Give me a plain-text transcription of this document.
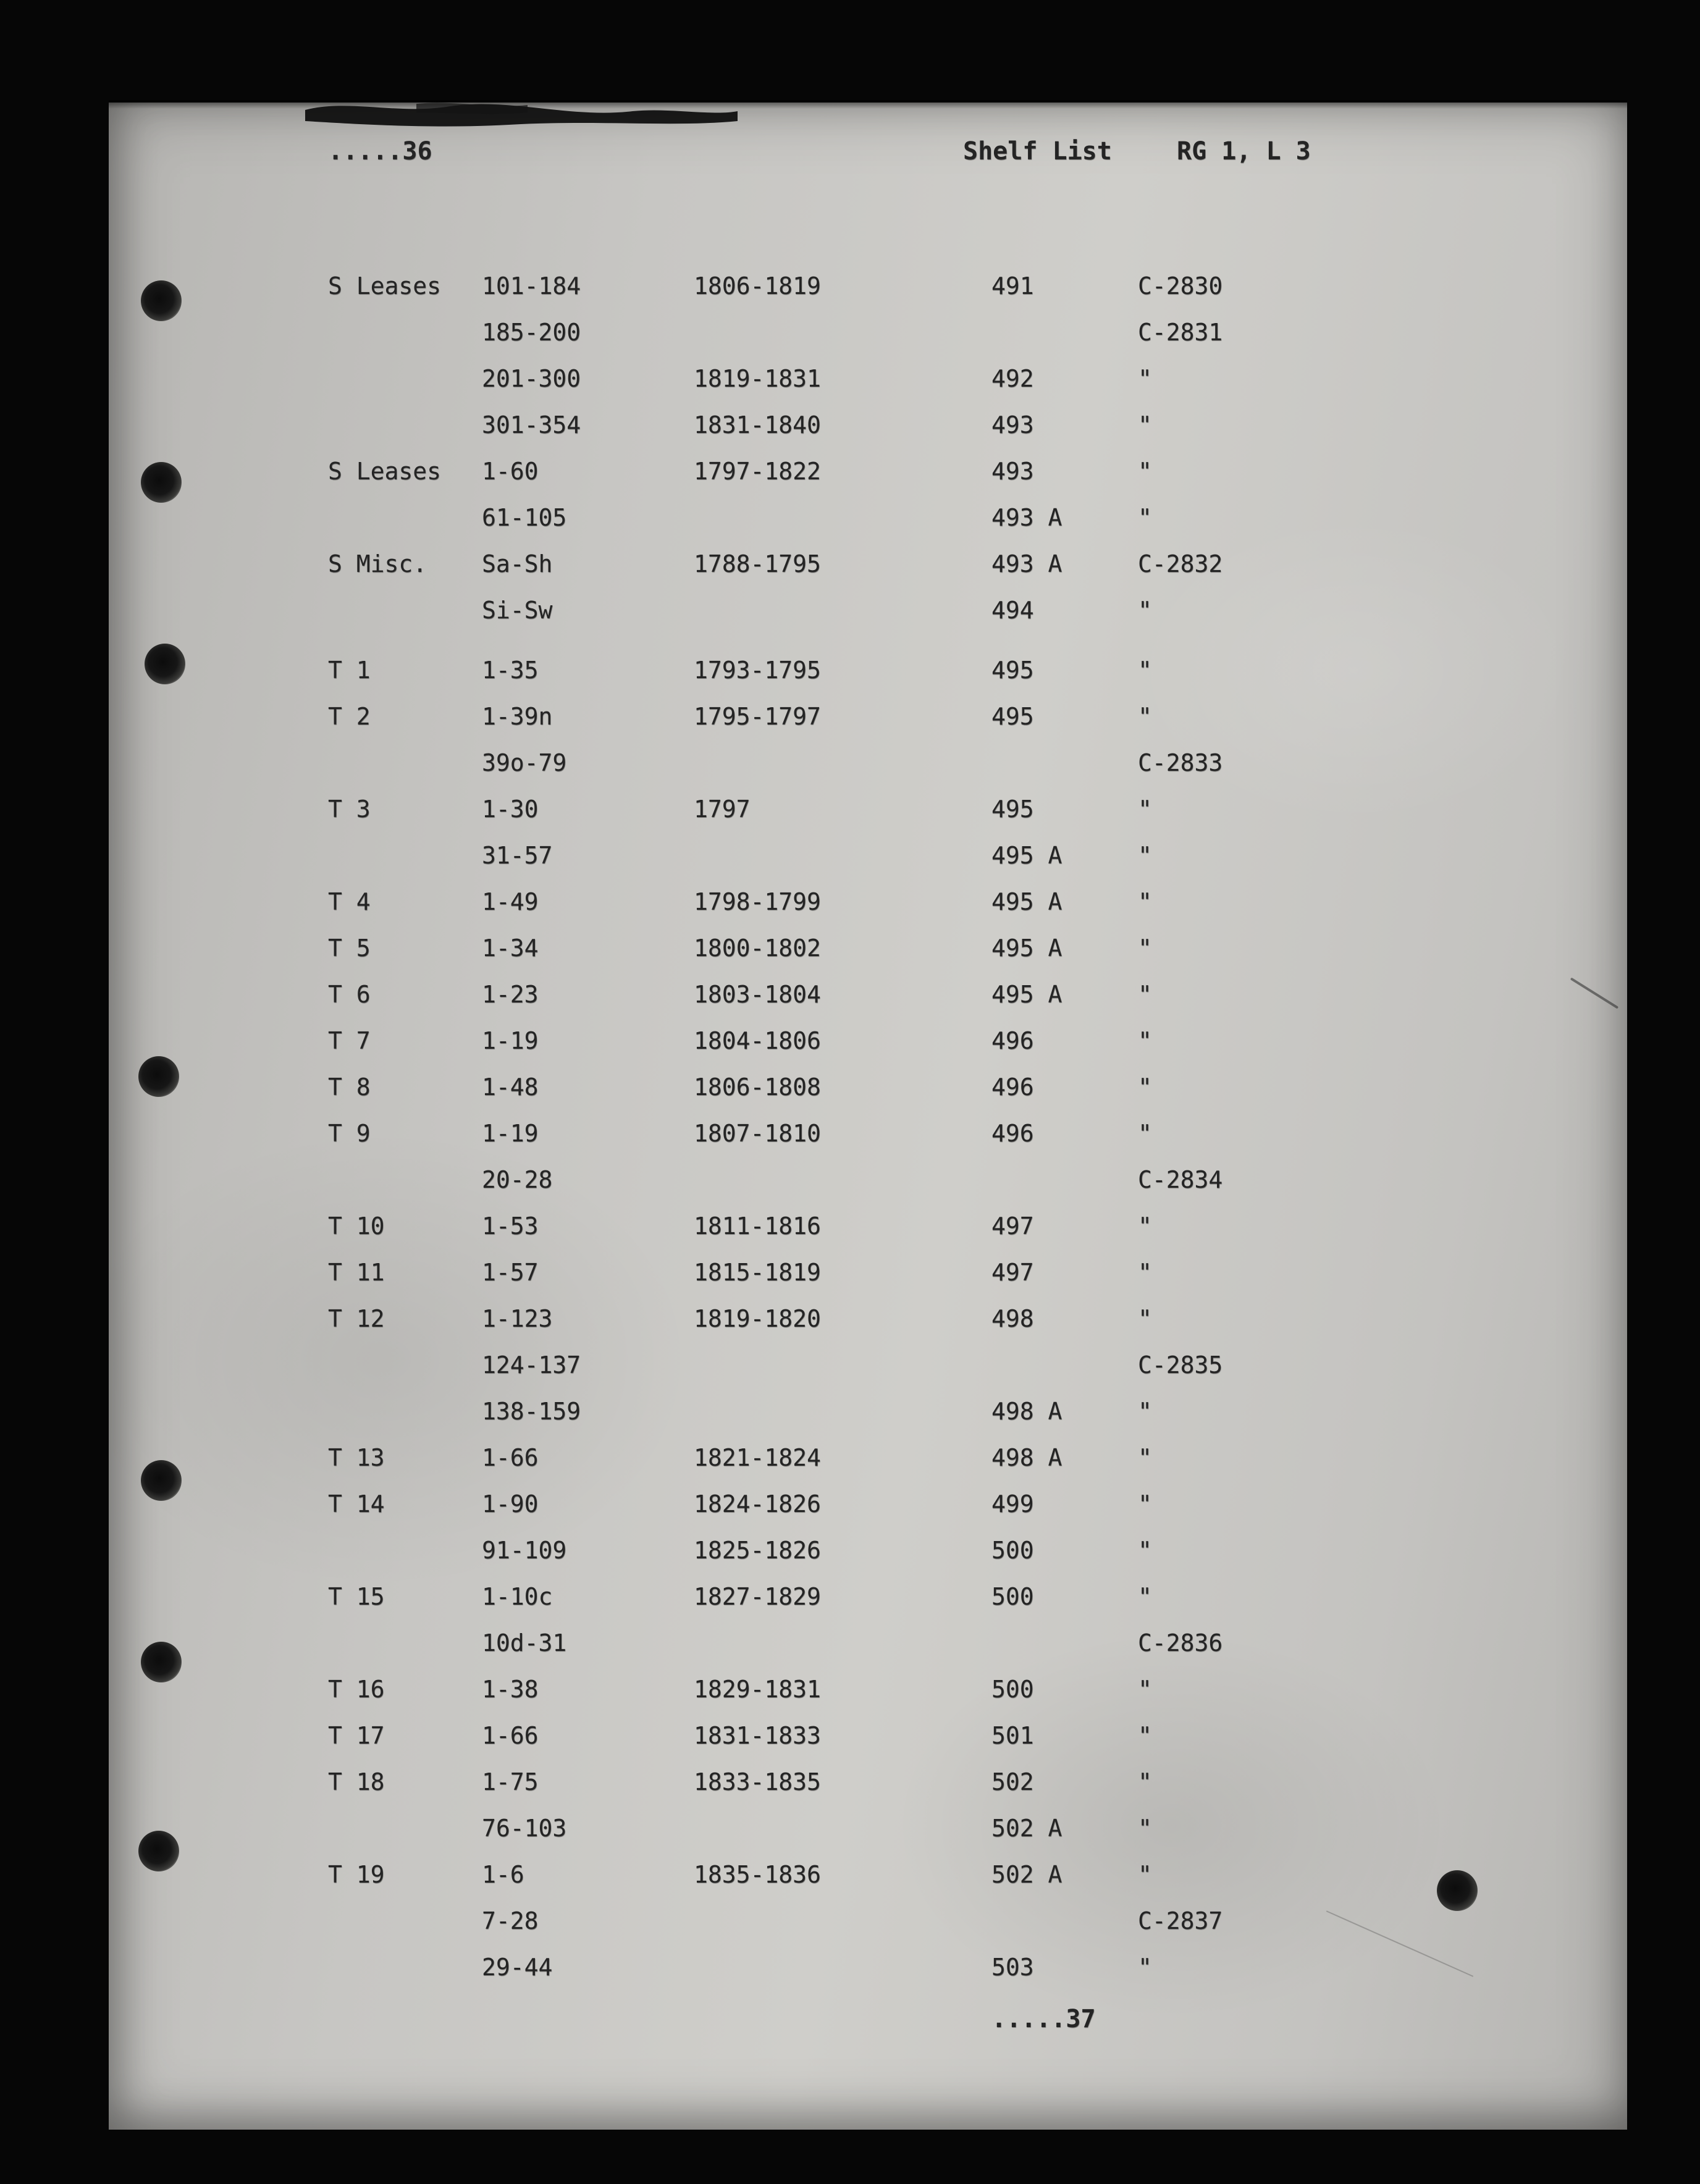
.....36	Shelf List	RG 1, L 3
S Leases 101-184	1806-1819	491	C-2830
185-200	C-2831
201-300	1819-1831	492	"
301-354	1831-1840	493	"
S Leases 1-60	1797-1822	493	"
61-105	493 A	"
S Misc. Sa-Sh	1788-1795	493 A	C-2832
Si-Sw	494	"
T 1	1-35	1793-1795	495	"
T 2	1-39n	1795-1797	495	"
39o-79	C-2833
T 3	1-30	1797	495	"
31-57	495 A	"
T 4	1-49	1798-1799	495 A	"
T 5	1-34	1800-1802	495 A	"
T 6	1-23	1803-1804	495 A	"
T 7	1-19	1804-1806	496	"
T 8	1-48	1806-1808	496	"
T 9	1-19	1807-1810	496	"
20-28	C-2834
T 10	1-53	1811-1816	497	"
T 11	1-57	1815-1819	497	"
T 12	1-123	1819-1820	498	"
124-137	C-2835
138-159	498 A	"
T 13	1-66	1821-1824	498 A	"
T 14	1-90	1824-1826	499	"
91-109	1825-1826	500	"
T 15	1-10c	1827-1829	500	"
10d-31	C-2836
T 16	1-38	1829-1831	500	"
T 17	1-66	1831-1833	501	"
T 18	1-75	1833-1835	502	"
76-103	502 A	"
T 19	1-6	1835-1836	502 A	"
7-28	C-2837
29-44	503	"
.....37
